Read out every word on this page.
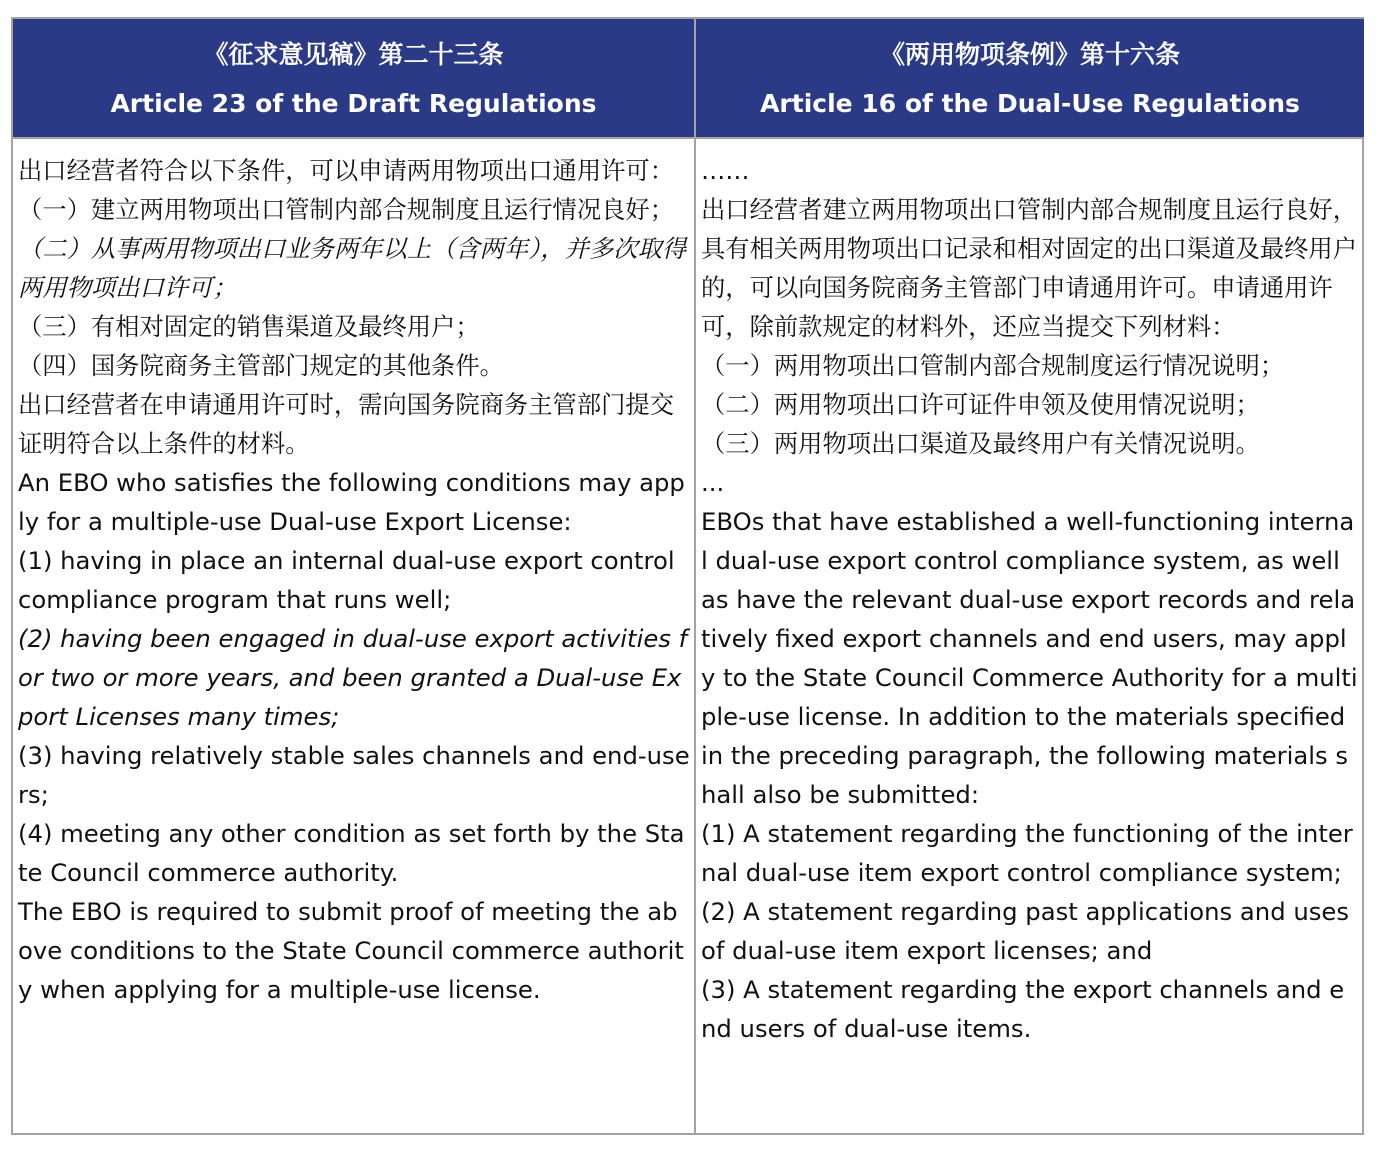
《征求意见稿》第二十三条
Article 23 of the Draft Regulations
《两用物项条例》第十六条
Article 16 of the Dual-Use Regulations
出口经营者符合以下条件，可以申请两用物项出口通用许可：
（一）建立两用物项出口管制内部合规制度且运行情况良好；
（二）从事两用物项出口业务两年以上（含两年），并多次取得两用物项出口许可；
（三）有相对固定的销售渠道及最终用户；
（四）国务院商务主管部门规定的其他条件。
出口经营者在申请通用许可时，需向国务院商务主管部门提交证明符合以上条件的材料。
An EBO who satisfies the following conditions may apply for a multiple-use Dual-use Export License:
(1) having in place an internal dual-use export control compliance program that runs well;
(2) having been engaged in dual-use export activities for two or more years, and been granted a Dual-use Export Licenses many times;
(3) having relatively stable sales channels and end-users;
(4) meeting any other condition as set forth by the State Council commerce authority.
The EBO is required to submit proof of meeting the above conditions to the State Council commerce authority when applying for a multiple-use license.
……
出口经营者建立两用物项出口管制内部合规制度且运行良好，具有相关两用物项出口记录和相对固定的出口渠道及最终用户的，可以向国务院商务主管部门申请通用许可。申请通用许可，除前款规定的材料外，还应当提交下列材料：
（一）两用物项出口管制内部合规制度运行情况说明；
（二）两用物项出口许可证件申领及使用情况说明；
（三）两用物项出口渠道及最终用户有关情况说明。
...
EBOs that have established a well-functioning internal dual-use export control compliance system, as well as have the relevant dual-use export records and relatively fixed export channels and end users, may apply to the State Council Commerce Authority for a multiple-use license. In addition to the materials specified in the preceding paragraph, the following materials shall also be submitted:
(1) A statement regarding the functioning of the internal dual-use item export control compliance system;
(2) A statement regarding past applications and uses of dual-use item export licenses; and
(3) A statement regarding the export channels and end users of dual-use items.
